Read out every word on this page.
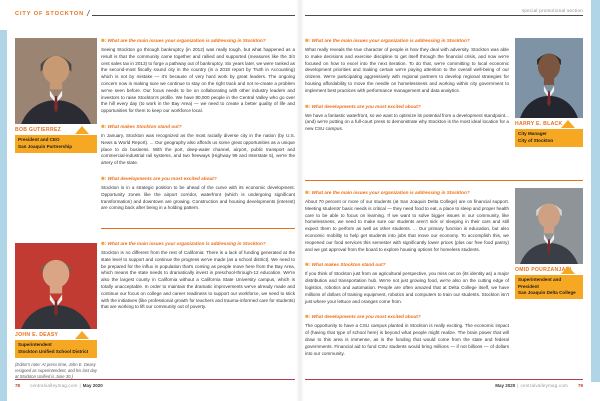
CITY OF STOCKTON /	special promotional section
BOB GUTIERREZ
President and CEO
San Joaquin Partnership
✺ : What are the main issues your organization is addressing in Stockton?

Seeing Stockton go through bankruptcy (in 2012) was really tough, but what happened as a result is that the community came together and rallied and supported (measures like the 3/4 cent sales tax in 2013) to forge a pathway out of bankruptcy. Six years later, we were ranked as the second-most fiscally sound city in the country (in a 2018 report by Truth in Accounting) which is not by mistake — it's because of very hard work by great leaders. The ongoing concern now is making sure we continue to stay on the right track and not re-create a problem we've seen before. Our focus needs to be on collaborating with other industry leaders and investors to raise Stockton's profile. We have 80,000 people in the Central Valley who go over the hill every day (to work in the Bay Area) — we need to create a better quality of life and opportunities for them to keep our workforce local.

✺ : What makes Stockton stand out?

In January, Stockton was recognized as the most racially diverse city in the nation (by U.S. News & World Report). ... Our geography also affords us some great opportunities as a unique place to do business. With the port, deep-water channel, airport, public transport and commercial-industrial rail systems, and two freeways (Highway 99 and Interstate 5), we're the artery of the state.

✺ : What developments are you most excited about?

Stockton is in a strategic position to be ahead of the curve with its economic development. Opportunity zones like the airport corridor, waterfront (which is undergoing significant transformation) and downtown are growing. Construction and housing developments (interest) are coming back after being in a holding pattern.

JOHN E. DEASY
Superintendent
Stockton Unified School District

(Editor's note: At press time, John E. Deasy resigned as superintendent, and his last day at Stockton Unified is June 30.)

✺ : What are the main issues your organization is addressing in Stockton?

Stockton is no different from the rest of California: There is a lack of funding generated at the state level to support and continue the progress we've made (as a school district). We need to be prepared for the influx in population that's coming as people move here from the Bay Area, which means the state needs to dramatically invest in preschool-through-12 education. We're also the largest county in California without a California State University campus, which is totally unacceptable. In order to maintain the dramatic improvements we've already made and continue our focus on college and career readiness to support our workforce, we need to stick with the initiatives (like professional growth for teachers and trauma-informed care for students) that are working to lift our community out of poverty.

78 centralvalleymag.com | May 2020
✺ : What are the main issues your organization is addressing in Stockton?

What really reveals the true character of people is how they deal with adversity. Stockton was able to make decisions and exercise discipline to get itself through the financial crisis, and now we're focused on how to excel into the next iteration. To do that, we're committing to local economic development priorities and making certain we're paying attention to the overall well-being of our citizens. We're participating aggressively with regional partners to develop regional strategies for housing affordability to move the needle on homelessness and working within city government to implement best practices with performance management and data analytics.

✺ : What developments are you most excited about?

We have a fantastic waterfront, so we want to optimize its potential from a development standpoint... (and) we're putting on a full-court press to demonstrate why Stockton is the most ideal location for a new CSU campus.

HARRY E. BLACK
City Manager
City of Stockton
✺ : What are the main issues your organization is addressing in Stockton?

About 70 percent or more of our students (at San Joaquin Delta College) are on financial support. Meeting students' basic needs is critical — they need food to eat, a place to sleep and proper health care to be able to focus on learning. If we want to solve bigger issues in our community, like homelessness, we need to make sure our students aren't sick or sleeping in their cars and still expect them to perform as well as other students. ... Our primary function is education, but also economic mobility to help get students into jobs that move our economy. To accomplish this, we reopened our food services this semester with significantly lower prices (plus our free food pantry) and we got approval from the board to explore housing options for homeless students.

✺ : What makes Stockton stand out?

If you think of Stockton just from an agricultural perspective, you miss out on (its identity as) a major distribution and transportation hub. We're not just growing food, we're also on the cutting edge of logistics, robotics and automation. People are often amazed that at Delta College itself, we have millions of dollars of training equipment, robotics and computers to train our students. Stockton isn't just where your lettuce and oranges come from.

✺ : What developments are you most excited about?

The opportunity to have a CSU campus planted in Stockton is really exciting. The economic impact of (having that type of school here) is beyond what people might realize. The brain power that will draw to this area is immense, as is the funding that would come from the state and federal governments. Financial aid to fund CSU students would bring millions — if not billions — of dollars into our community.

OMID POURZANJANI
Superintendent and President
San Joaquin Delta College
May 2020 | centralvalleymag.com 79
